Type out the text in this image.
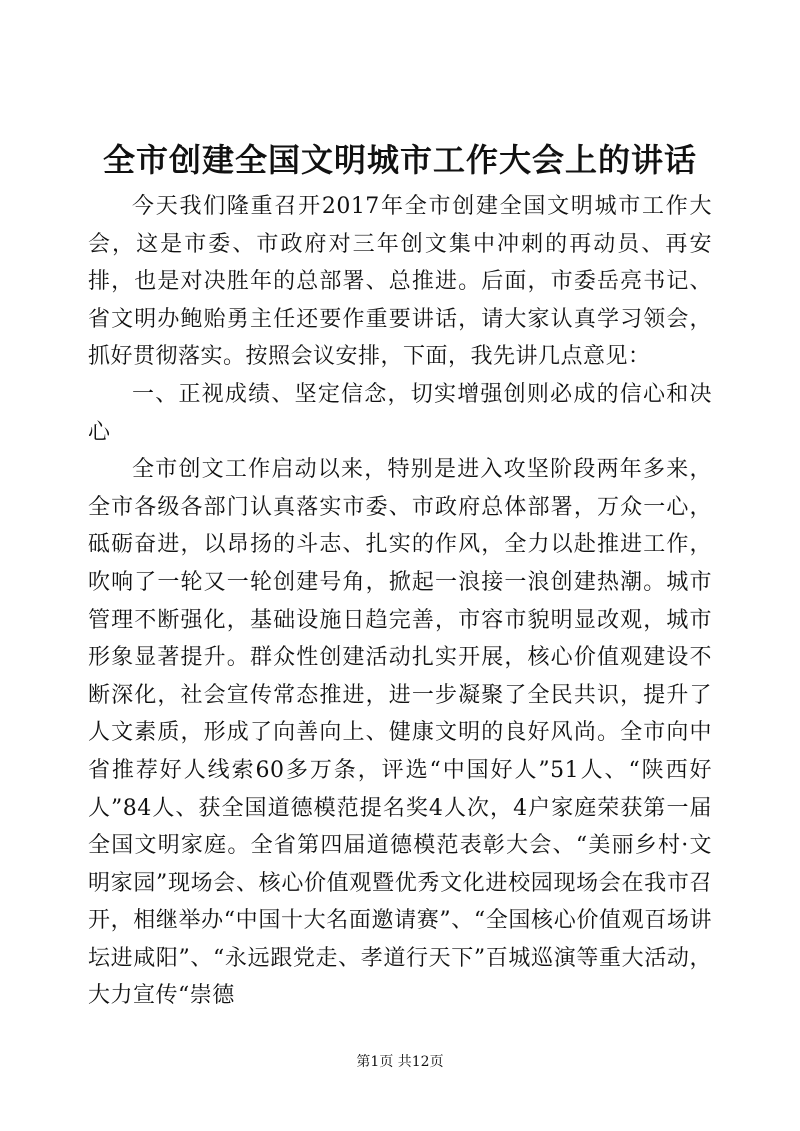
全市创建全国文明城市工作大会上的讲话

今天我们隆重召开2017年全市创建全国文明城市工作大会，这是市委、市政府对三年创文集中冲刺的再动员、再安排，也是对决胜年的总部署、总推进。后面，市委岳亮书记、省文明办鲍贻勇主任还要作重要讲话，请大家认真学习领会，抓好贯彻落实。按照会议安排，下面，我先讲几点意见：

一、正视成绩、坚定信念，切实增强创则必成的信心和决心

全市创文工作启动以来，特别是进入攻坚阶段两年多来，全市各级各部门认真落实市委、市政府总体部署，万众一心，砥砺奋进，以昂扬的斗志、扎实的作风，全力以赴推进工作，吹响了一轮又一轮创建号角，掀起一浪接一浪创建热潮。城市管理不断强化，基础设施日趋完善，市容市貌明显改观，城市形象显著提升。群众性创建活动扎实开展，核心价值观建设不断深化，社会宣传常态推进，进一步凝聚了全民共识，提升了人文素质，形成了向善向上、健康文明的良好风尚。全市向中省推荐好人线索60多万条，评选“中国好人”51人、“陕西好人”84人、获全国道德模范提名奖4人次，4户家庭荣获第一届全国文明家庭。全省第四届道德模范表彰大会、“美丽乡村·文明家园”现场会、核心价值观暨优秀文化进校园现场会在我市召开，相继举办“中国十大名面邀请赛”、“全国核心价值观百场讲坛进咸阳”、“永远跟党走、孝道行天下”百城巡演等重大活动，大力宣传“崇德

第1页 共12页
